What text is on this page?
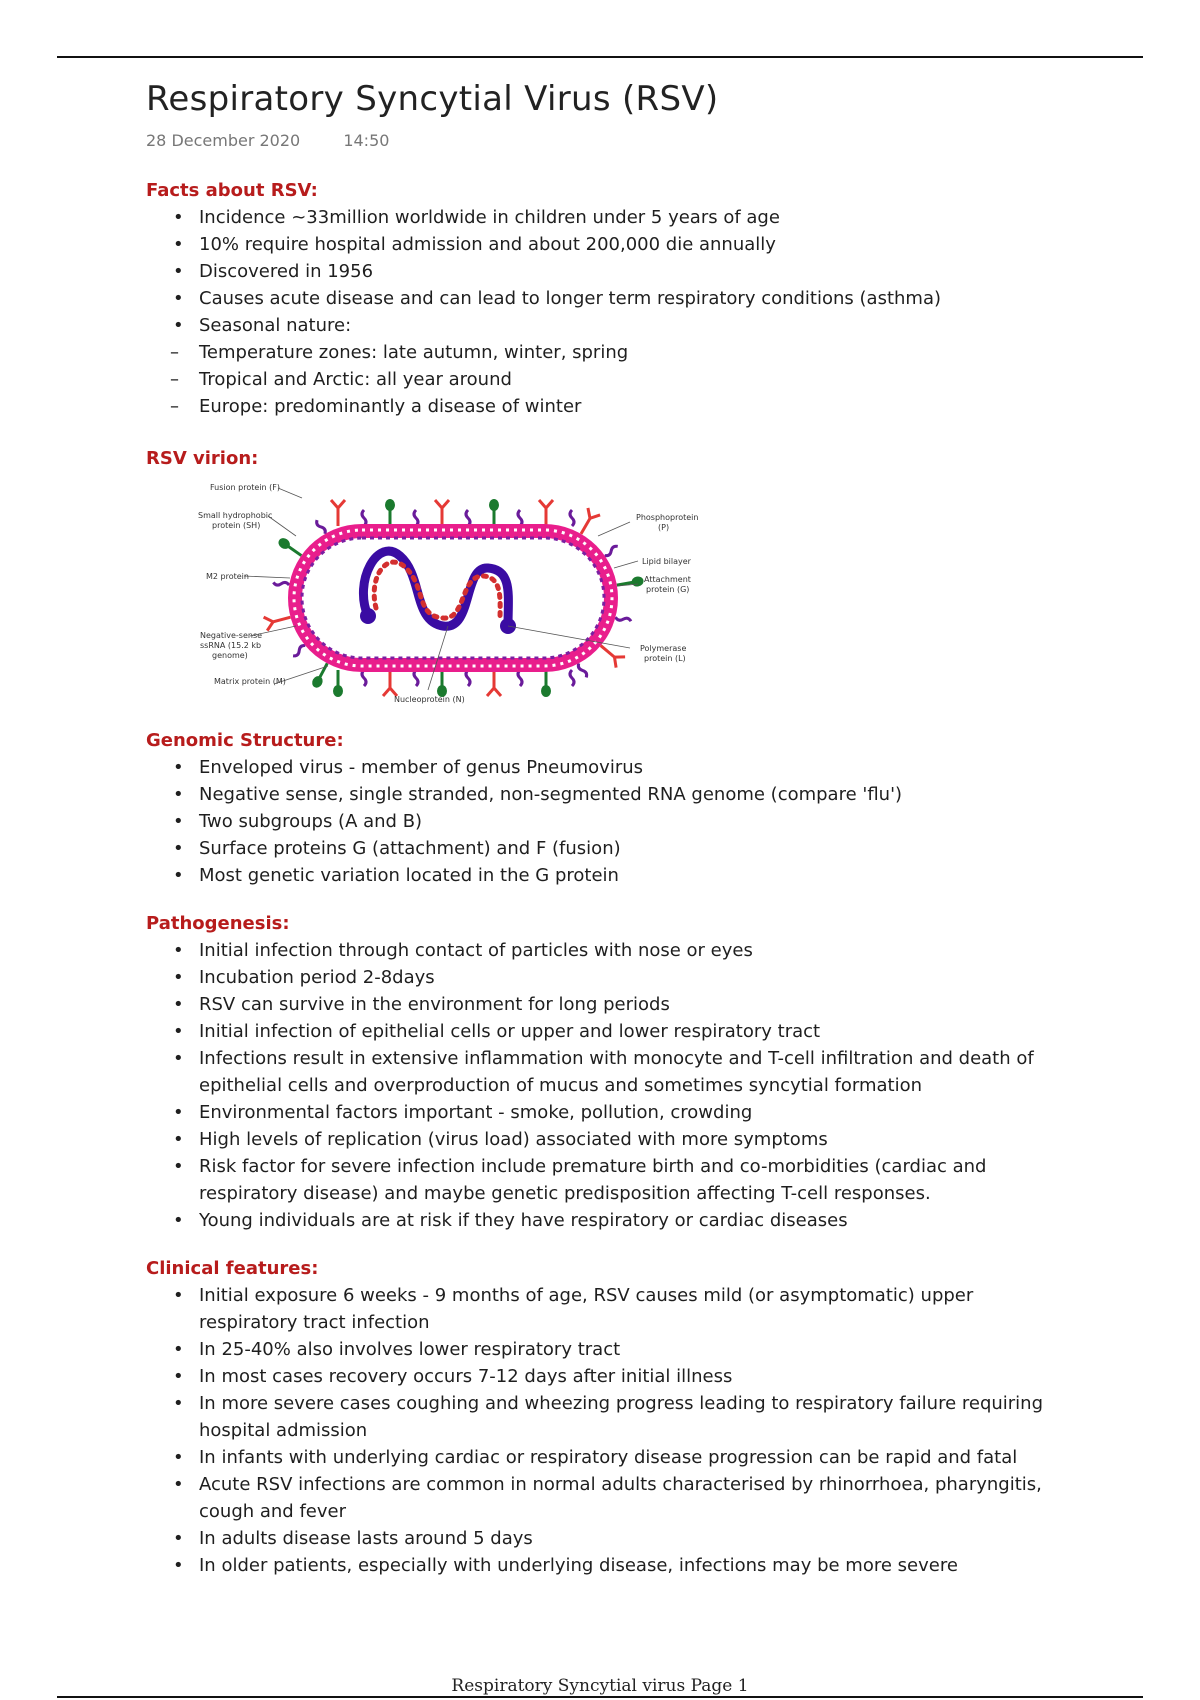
Respiratory Syncytial Virus (RSV)
28 December 2020	14:50
Facts about RSV:
• Incidence ~33million worldwide in children under 5 years of age
• 10% require hospital admission and about 200,000 die annually
• Discovered in 1956
• Causes acute disease and can lead to longer term respiratory conditions (asthma)
• Seasonal nature:
– Temperature zones: late autumn, winter, spring
– Tropical and Arctic: all year around
– Europe: predominantly a disease of winter
RSV virion:
Fusion protein (F)
Small hydrophobic
protein (SH)
M2 protein
Negative-sense
ssRNA (15.2 kb
genome)
Matrix protein (M)
Nucleoprotein (N)
Phosphoprotein
(P)
Lipid bilayer
Attachment
protein (G)
Polymerase
protein (L)
Genomic Structure:
• Enveloped virus - member of genus Pneumovirus
• Negative sense, single stranded, non-segmented RNA genome (compare 'flu')
• Two subgroups (A and B)
• Surface proteins G (attachment) and F (fusion)
• Most genetic variation located in the G protein
Pathogenesis:
• Initial infection through contact of particles with nose or eyes
• Incubation period 2-8days
• RSV can survive in the environment for long periods
• Initial infection of epithelial cells or upper and lower respiratory tract
• Infections result in extensive inflammation with monocyte and T-cell infiltration and death of epithelial cells and overproduction of mucus and sometimes syncytial formation
• Environmental factors important - smoke, pollution, crowding
• High levels of replication (virus load) associated with more symptoms
• Risk factor for severe infection include premature birth and co-morbidities (cardiac and respiratory disease) and maybe genetic predisposition affecting T-cell responses.
• Young individuals are at risk if they have respiratory or cardiac diseases
Clinical features:
• Initial exposure 6 weeks - 9 months of age, RSV causes mild (or asymptomatic) upper respiratory tract infection
• In 25-40% also involves lower respiratory tract
• In most cases recovery occurs 7-12 days after initial illness
• In more severe cases coughing and wheezing progress leading to respiratory failure requiring hospital admission
• In infants with underlying cardiac or respiratory disease progression can be rapid and fatal
• Acute RSV infections are common in normal adults characterised by rhinorrhoea, pharyngitis, cough and fever
• In adults disease lasts around 5 days
• In older patients, especially with underlying disease, infections may be more severe
Respiratory Syncytial virus Page 1
